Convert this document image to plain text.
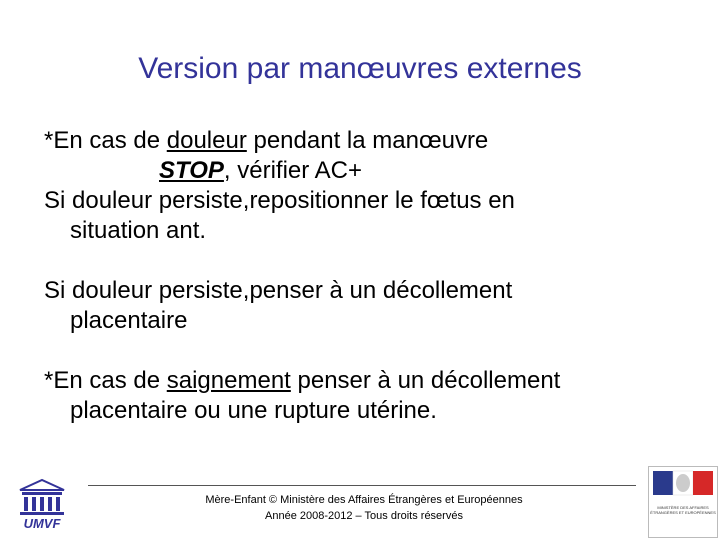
Version par manœuvres externes
*En cas de douleur pendant la manœuvre
STOP, vérifier AC+
Si douleur persiste,repositionner le fœtus en
situation ant.
Si douleur persiste,penser à un décollement
placentaire
*En cas de saignement penser à un décollement
placentaire ou une rupture utérine.
Mère-Enfant © Ministère des Affaires Étrangères et Européennes
Année 2008-2012 – Tous droits réservés
UMVF
MINISTÈRE DES AFFAIRES ÉTRANGÈRES ET EUROPÉENNES
